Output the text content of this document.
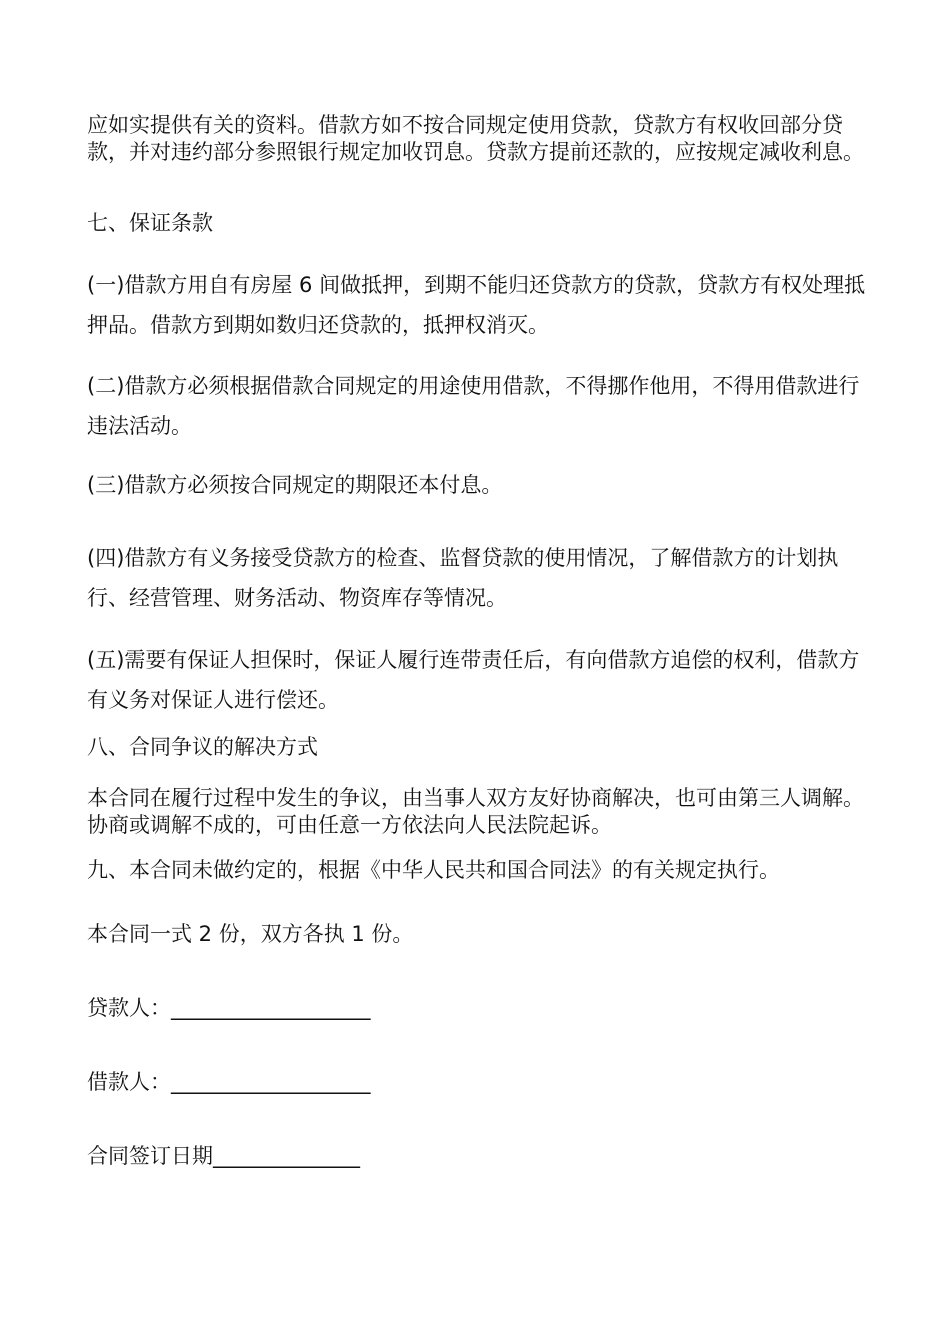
应如实提供有关的资料。借款方如不按合同规定使用贷款，贷款方有权收回部分贷款，并对违约部分参照银行规定加收罚息。贷款方提前还款的，应按规定减收利息。

七、保证条款

(一)借款方用自有房屋 6 间做抵押，到期不能归还贷款方的贷款，贷款方有权处理抵押品。借款方到期如数归还贷款的，抵押权消灭。

(二)借款方必须根据借款合同规定的用途使用借款，不得挪作他用，不得用借款进行违法活动。

(三)借款方必须按合同规定的期限还本付息。

(四)借款方有义务接受贷款方的检查、监督贷款的使用情况，了解借款方的计划执行、经营管理、财务活动、物资库存等情况。

(五)需要有保证人担保时，保证人履行连带责任后，有向借款方追偿的权利，借款方有义务对保证人进行偿还。

八、合同争议的解决方式

本合同在履行过程中发生的争议，由当事人双方友好协商解决，也可由第三人调解。协商或调解不成的，可由任意一方依法向人民法院起诉。

九、本合同未做约定的，根据《中华人民共和国合同法》的有关规定执行。

本合同一式 2 份，双方各执 1 份。

贷款人：___________________

借款人：___________________

合同签订日期______________
